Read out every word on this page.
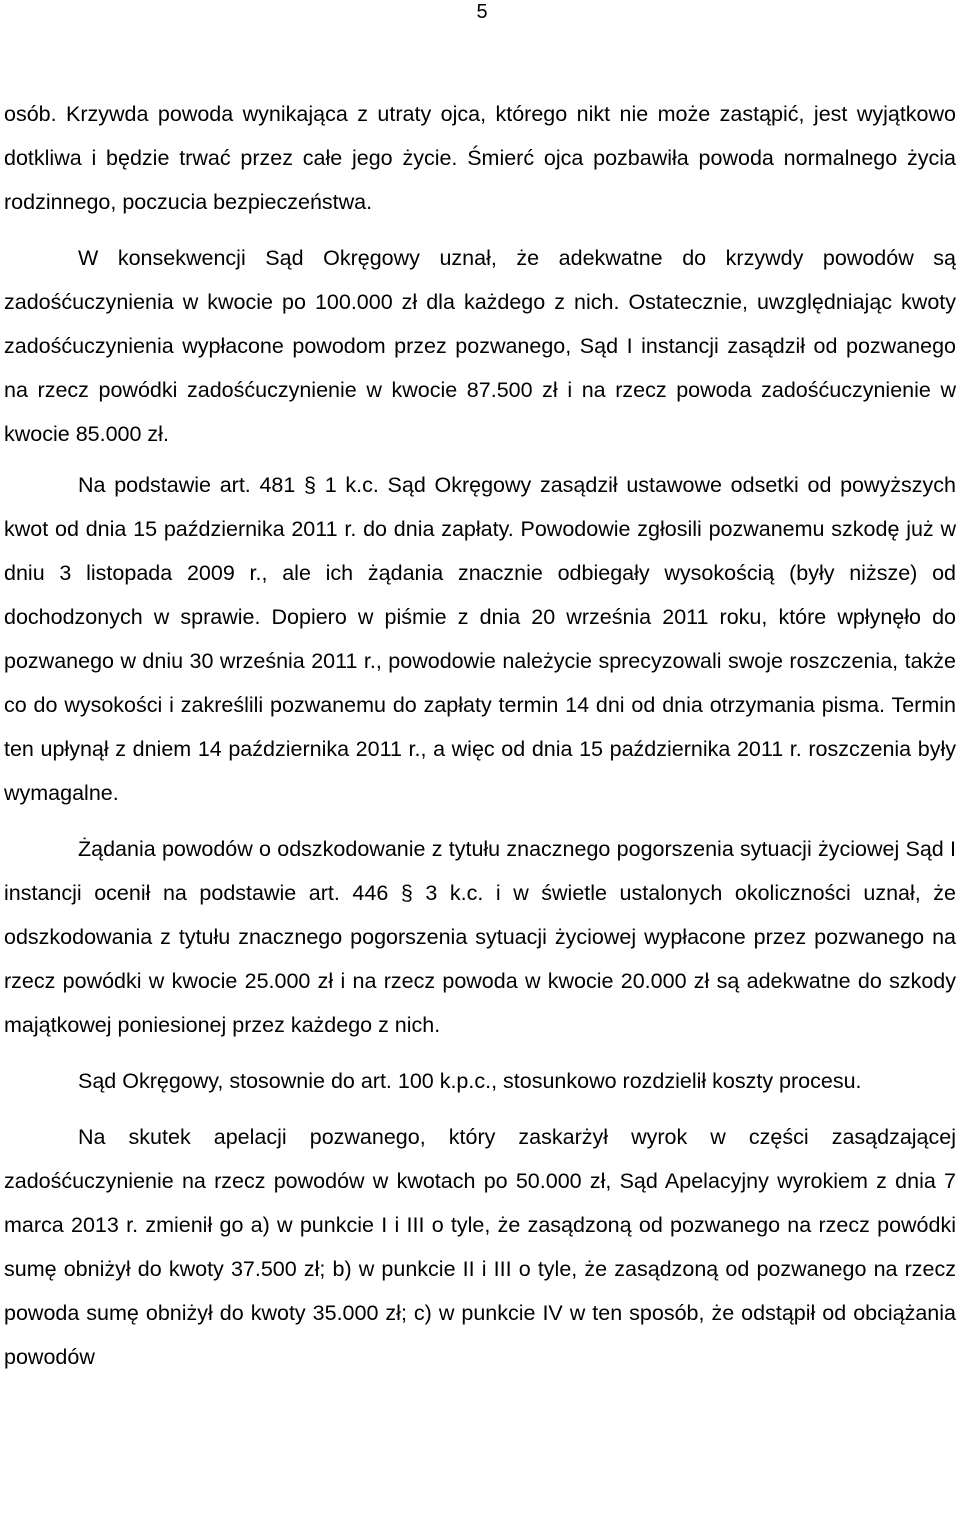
5

osób. Krzywda powoda wynikająca z utraty ojca, którego nikt nie może zastąpić, jest wyjątkowo dotkliwa i będzie trwać przez całe jego życie. Śmierć ojca pozbawiła powoda normalnego życia rodzinnego, poczucia bezpieczeństwa.

W konsekwencji Sąd Okręgowy uznał, że adekwatne do krzywdy powodów są zadośćuczynienia w kwocie po 100.000 zł dla każdego z nich. Ostatecznie, uwzględniając kwoty zadośćuczynienia wypłacone powodom przez pozwanego, Sąd I instancji zasądził od pozwanego na rzecz powódki zadośćuczynienie w kwocie 87.500 zł i na rzecz powoda zadośćuczynienie w kwocie 85.000 zł.

Na podstawie art. 481 § 1 k.c. Sąd Okręgowy zasądził ustawowe odsetki od powyższych kwot od dnia 15 października 2011 r. do dnia zapłaty. Powodowie zgłosili pozwanemu szkodę już w dniu 3 listopada 2009 r., ale ich żądania znacznie odbiegały wysokością (były niższe) od dochodzonych w sprawie. Dopiero w piśmie z dnia 20 września 2011 roku, które wpłynęło do pozwanego w dniu 30 września 2011 r., powodowie należycie sprecyzowali swoje roszczenia, także co do wysokości i zakreślili pozwanemu do zapłaty termin 14 dni od dnia otrzymania pisma. Termin ten upłynął z dniem 14 października 2011 r., a więc od dnia 15 października 2011 r. roszczenia były wymagalne.

Żądania powodów o odszkodowanie z tytułu znacznego pogorszenia sytuacji życiowej Sąd I instancji ocenił na podstawie art. 446 § 3 k.c. i w świetle ustalonych okoliczności uznał, że odszkodowania z tytułu znacznego pogorszenia sytuacji życiowej wypłacone przez pozwanego na rzecz powódki w kwocie 25.000 zł i na rzecz powoda w kwocie 20.000 zł są adekwatne do szkody majątkowej poniesionej przez każdego z nich.

Sąd Okręgowy, stosownie do art. 100 k.p.c., stosunkowo rozdzielił koszty procesu.

Na skutek apelacji pozwanego, który zaskarżył wyrok w części zasądzającej zadośćuczynienie na rzecz powodów w kwotach po 50.000 zł, Sąd Apelacyjny wyrokiem z dnia 7 marca 2013 r. zmienił go a) w punkcie I i III o tyle, że zasądzoną od pozwanego na rzecz powódki sumę obniżył do kwoty 37.500 zł; b) w punkcie II i III o tyle, że zasądzoną od pozwanego na rzecz powoda sumę obniżył do kwoty 35.000 zł; c) w punkcie IV w ten sposób, że odstąpił od obciążania powodów
